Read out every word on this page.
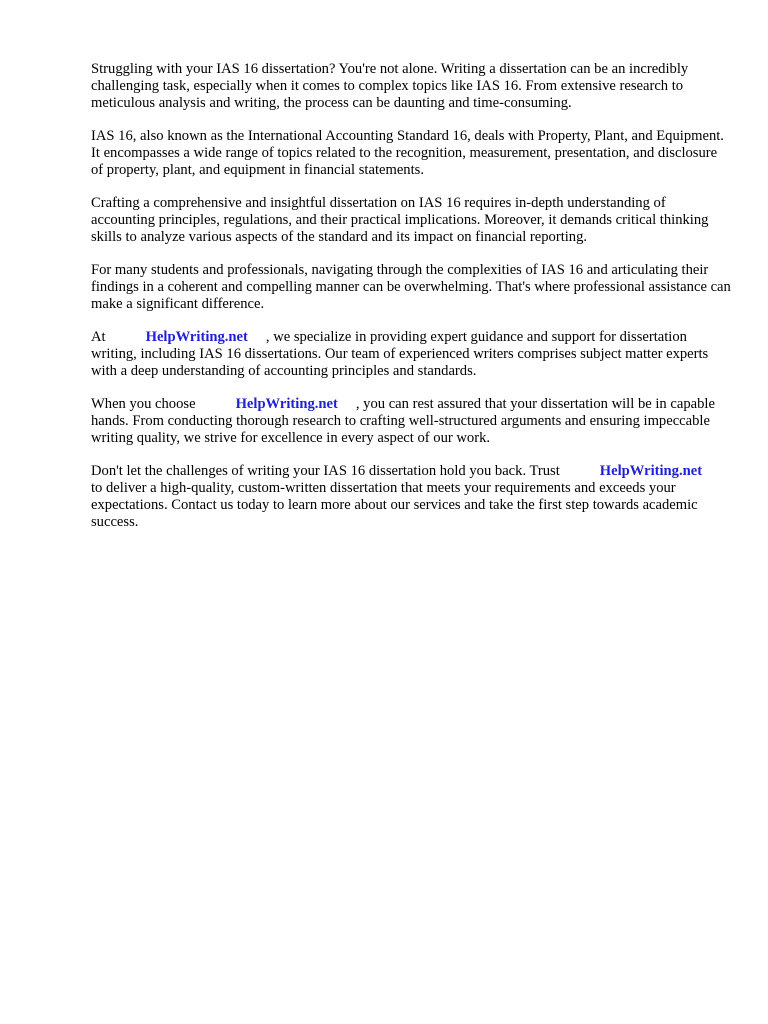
Struggling with your IAS 16 dissertation? You're not alone. Writing a dissertation can be an incredibly challenging task, especially when it comes to complex topics like IAS 16. From extensive research to meticulous analysis and writing, the process can be daunting and time-consuming.

IAS 16, also known as the International Accounting Standard 16, deals with Property, Plant, and Equipment. It encompasses a wide range of topics related to the recognition, measurement, presentation, and disclosure of property, plant, and equipment in financial statements.

Crafting a comprehensive and insightful dissertation on IAS 16 requires in-depth understanding of accounting principles, regulations, and their practical implications. Moreover, it demands critical thinking skills to analyze various aspects of the standard and its impact on financial reporting.

For many students and professionals, navigating through the complexities of IAS 16 and articulating their findings in a coherent and compelling manner can be overwhelming. That's where professional assistance can make a significant difference.

At	HelpWriting.net , we specialize in providing expert guidance and support for dissertation writing, including IAS 16 dissertations. Our team of experienced writers comprises subject matter experts with a deep understanding of accounting principles and standards.

When you choose	HelpWriting.net , you can rest assured that your dissertation will be in capable hands. From conducting thorough research to crafting well-structured arguments and ensuring impeccable writing quality, we strive for excellence in every aspect of our work.

Don't let the challenges of writing your IAS 16 dissertation hold you back. Trust	HelpWriting.netto deliver a high-quality, custom-written dissertation that meets your requirements and exceeds your expectations. Contact us today to learn more about our services and take the first step towards academic success.
